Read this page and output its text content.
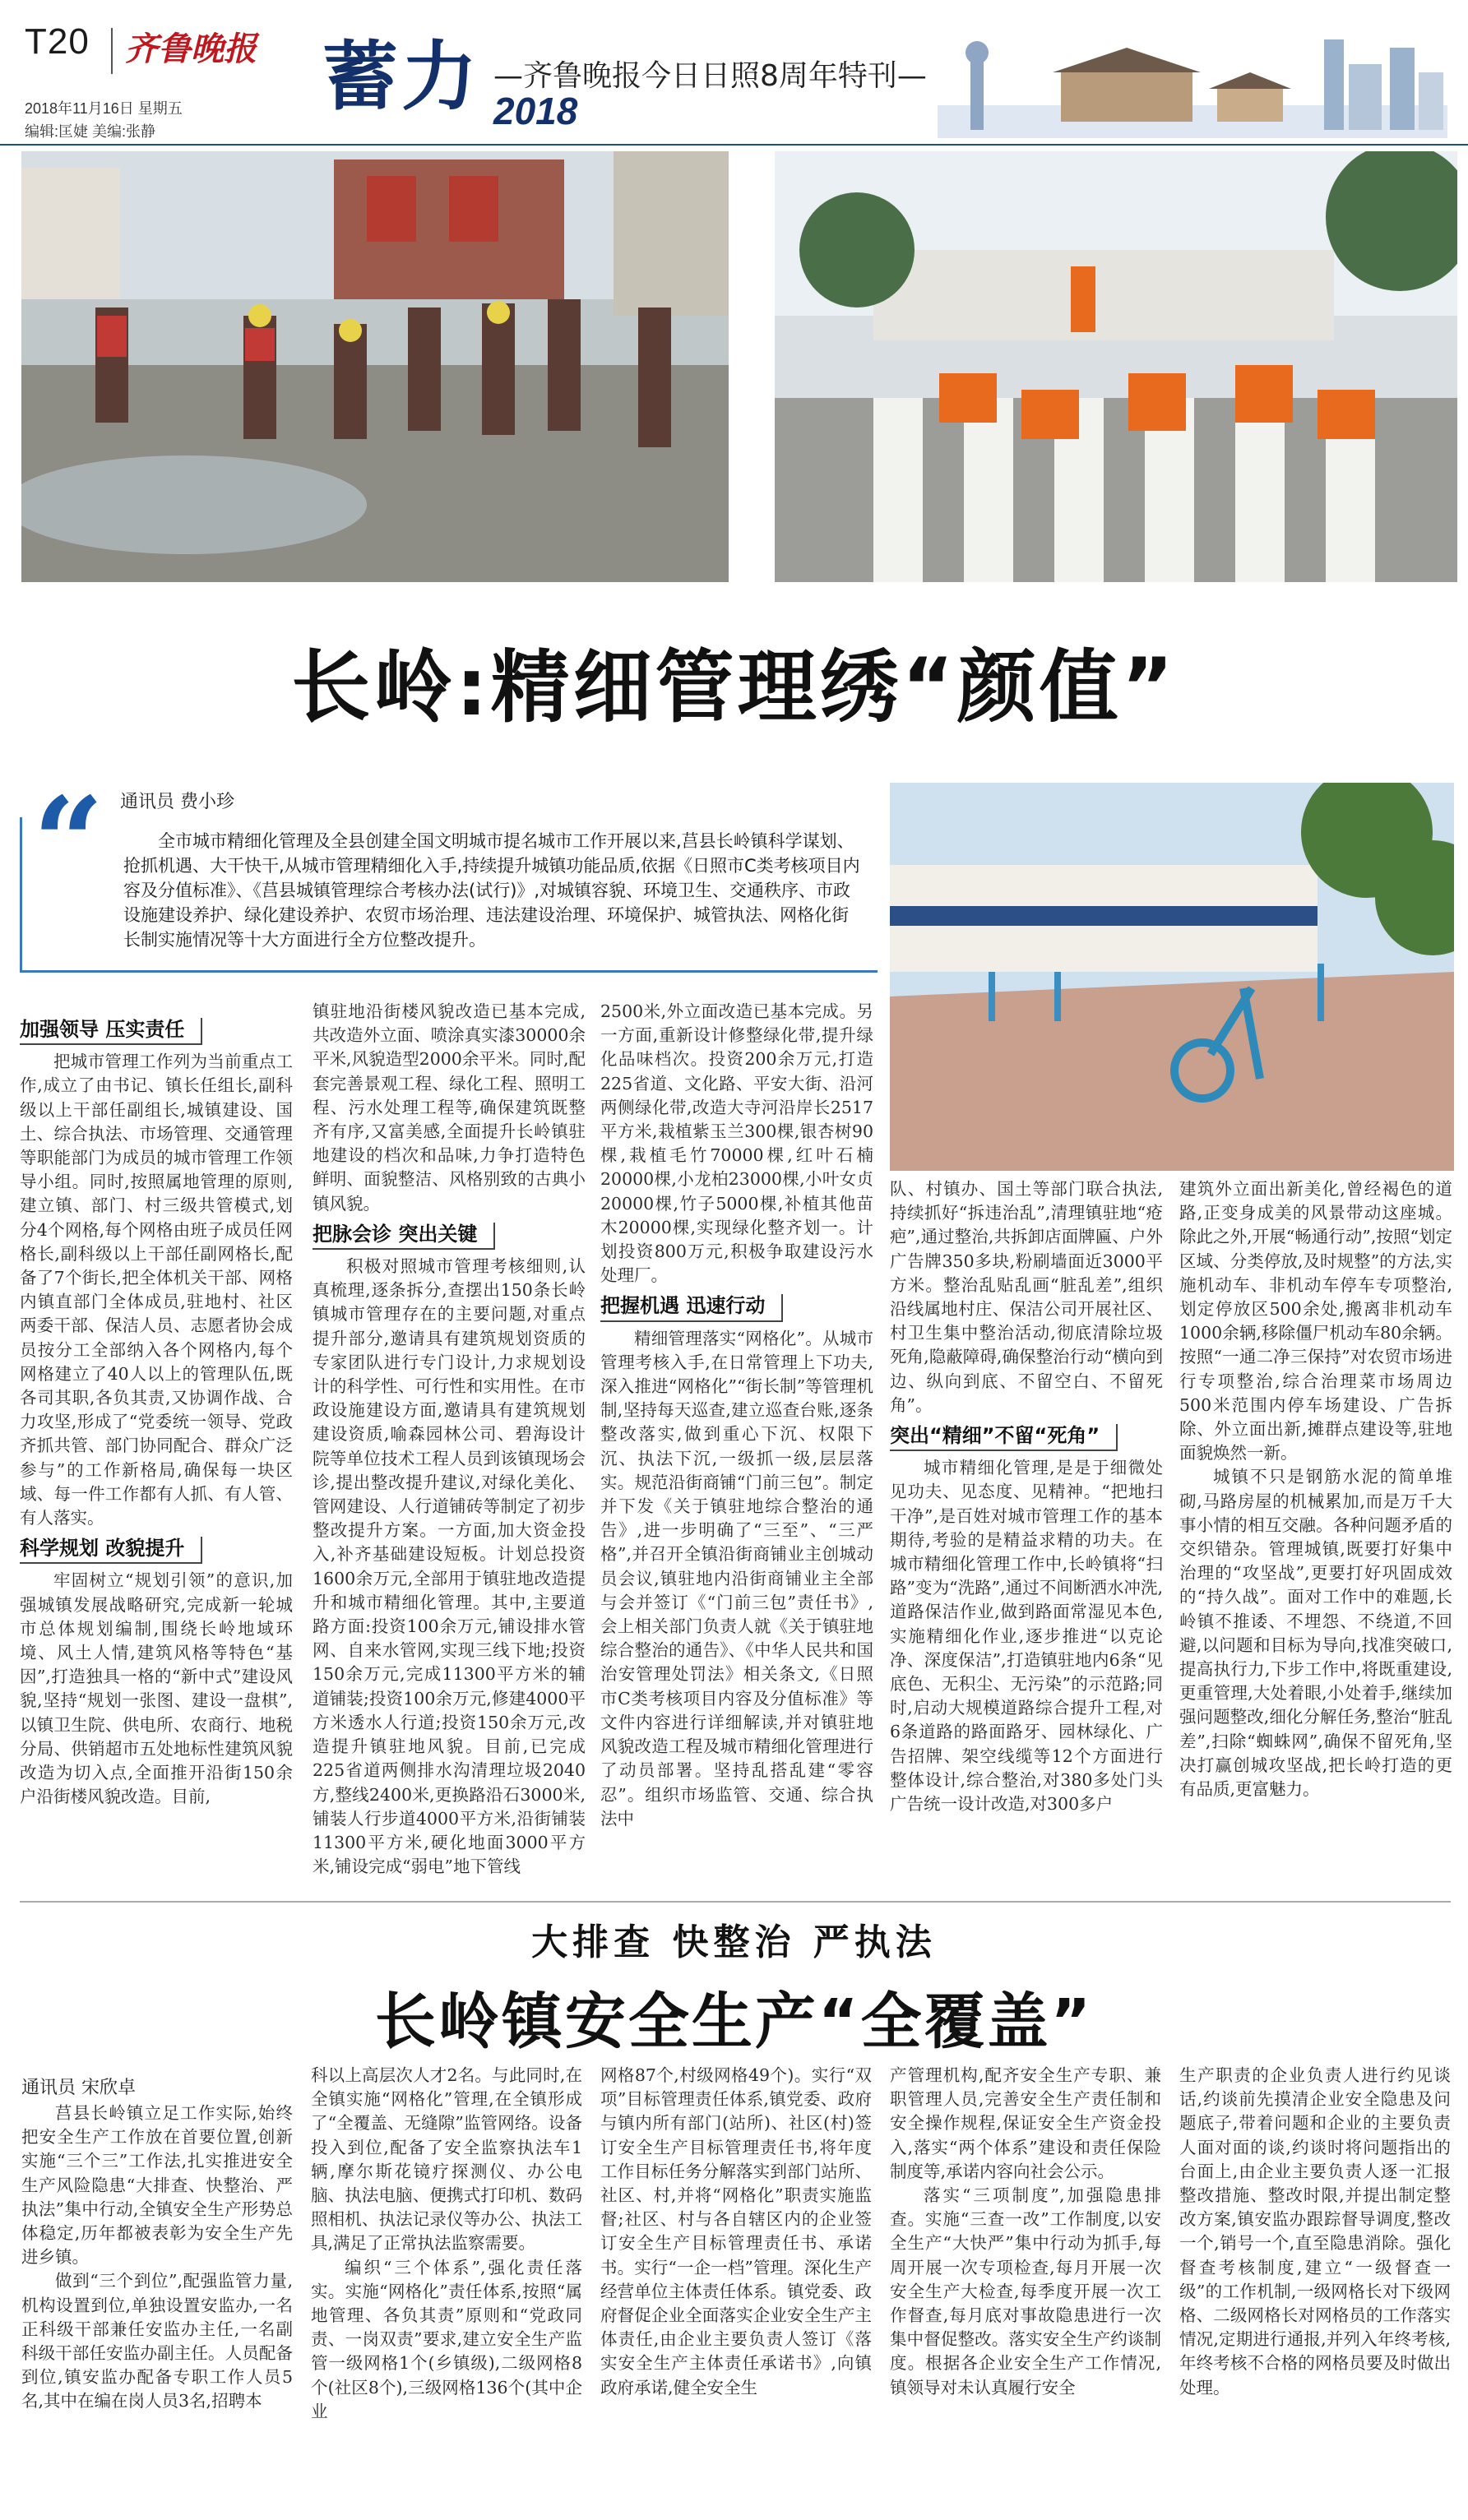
T20 齐鲁晚报
2018年11月16日 星期五
编辑:匡婕 美编:张静
蓄力 —齐鲁晚报今日日照8周年特刊—
2018
长岭:精细管理绣“颜值”
“ 通讯员 费小珍
全市城市精细化管理及全县创建全国文明城市提名城市工作开展以来,莒县长岭镇科学谋划、抢抓机遇、大干快干,从城市管理精细化入手,持续提升城镇功能品质,依据《日照市C类考核项目内容及分值标准》、《莒县城镇管理综合考核办法(试行)》,对城镇容貌、环境卫生、交通秩序、市政设施建设养护、绿化建设养护、农贸市场治理、违法建设治理、环境保护、城管执法、网格化街长制实施情况等十大方面进行全方位整改提升。
加强领导 压实责任

把城市管理工作列为当前重点工作,成立了由书记、镇长任组长,副科级以上干部任副组长,城镇建设、国土、综合执法、市场管理、交通管理等职能部门为成员的城市管理工作领导小组。同时,按照属地管理的原则,建立镇、部门、村三级共管模式,划分4个网格,每个网格由班子成员任网格长,副科级以上干部任副网格长,配备了7个街长,把全体机关干部、网格内镇直部门全体成员,驻地村、社区两委干部、保洁人员、志愿者协会成员按分工全部纳入各个网格内,每个网格建立了40人以上的管理队伍,既各司其职,各负其责,又协调作战、合力攻坚,形成了“党委统一领导、党政齐抓共管、部门协同配合、群众广泛参与”的工作新格局,确保每一块区域、每一件工作都有人抓、有人管、有人落实。

科学规划 改貌提升

牢固树立“规划引领”的意识,加强城镇发展战略研究,完成新一轮城市总体规划编制,围绕长岭地域环境、风土人情,建筑风格等特色“基因”,打造独具一格的“新中式”建设风貌,坚持“规划一张图、建设一盘棋”,以镇卫生院、供电所、农商行、地税分局、供销超市五处地标性建筑风貌改造为切入点,全面推开沿街150余户沿街楼风貌改造。目前,

镇驻地沿街楼风貌改造已基本完成,共改造外立面、喷涂真实漆30000余平米,风貌造型2000余平米。同时,配套完善景观工程、绿化工程、照明工程、污水处理工程等,确保建筑既整齐有序,又富美感,全面提升长岭镇驻地建设的档次和品味,力争打造特色鲜明、面貌整洁、风格别致的古典小镇风貌。

把脉会诊 突出关键

积极对照城市管理考核细则,认真梳理,逐条拆分,查摆出150条长岭镇城市管理存在的主要问题,对重点提升部分,邀请具有建筑规划资质的专家团队进行专门设计,力求规划设计的科学性、可行性和实用性。在市政设施建设方面,邀请具有建筑规划建设资质,喻森园林公司、碧海设计院等单位技术工程人员到该镇现场会诊,提出整改提升建议,对绿化美化、管网建设、人行道铺砖等制定了初步整改提升方案。一方面,加大资金投入,补齐基础建设短板。计划总投资1600余万元,全部用于镇驻地改造提升和城市精细化管理。其中,主要道路方面:投资100余万元,铺设排水管网、自来水管网,实现三线下地;投资150余万元,完成11300平方米的辅道铺装;投资100余万元,修建4000平方米透水人行道;投资150余万元,改造提升镇驻地风貌。目前,已完成225省道两侧排水沟清理垃圾2040方,整线2400米,更换路沿石3000米,铺装人行步道4000平方米,沿街铺装11300平方米,硬化地面3000平方米,铺设完成“弱电”地下管线

2500米,外立面改造已基本完成。另一方面,重新设计修整绿化带,提升绿化品味档次。投资200余万元,打造225省道、文化路、平安大街、沿河两侧绿化带,改造大寺河沿岸长2517平方米,栽植紫玉兰300棵,银杏树90棵,栽植毛竹70000棵,红叶石楠20000棵,小龙柏23000棵,小叶女贞20000棵,竹子5000棵,补植其他苗木20000棵,实现绿化整齐划一。计划投资800万元,积极争取建设污水处理厂。

把握机遇 迅速行动

精细管理落实“网格化”。从城市管理考核入手,在日常管理上下功夫,深入推进“网格化”“街长制”等管理机制,坚持每天巡查,建立巡查台账,逐条整改落实,做到重心下沉、权限下沉、执法下沉,一级抓一级,层层落实。规范沿街商铺“门前三包”。制定并下发《关于镇驻地综合整治的通告》,进一步明确了“三至”、“三严格”,并召开全镇沿街商铺业主创城动员会议,镇驻地内沿街商铺业主全部与会并签订《“门前三包”责任书》,会上相关部门负责人就《关于镇驻地综合整治的通告》、《中华人民共和国治安管理处罚法》相关条文,《日照市C类考核项目内容及分值标准》等文件内容进行详细解读,并对镇驻地风貌改造工程及城市精细化管理进行了动员部署。坚持乱搭乱建“零容忍”。组织市场监管、交通、综合执法中

队、村镇办、国土等部门联合执法,持续抓好“拆违治乱”,清理镇驻地“疮疤”,通过整治,共拆卸店面牌匾、户外广告牌350多块,粉刷墙面近3000平方米。整治乱贴乱画“脏乱差”,组织沿线属地村庄、保洁公司开展社区、村卫生集中整治活动,彻底清除垃圾死角,隐蔽障碍,确保整治行动“横向到边、纵向到底、不留空白、不留死角”。

突出“精细”不留“死角”

城市精细化管理,是是于细微处见功夫、见态度、见精神。“把地扫干净”,是百姓对城市管理工作的基本期待,考验的是精益求精的功夫。在城市精细化管理工作中,长岭镇将“扫路”变为“洗路”,通过不间断洒水冲洗,道路保洁作业,做到路面常湿见本色,实施精细化作业,逐步推进“以克论净、深度保洁”,打造镇驻地内6条“见底色、无积尘、无污染”的示范路;同时,启动大规模道路综合提升工程,对6条道路的路面路牙、园林绿化、广告招牌、架空线缆等12个方面进行整体设计,综合整治,对380多处门头广告统一设计改造,对300多户

建筑外立面出新美化,曾经褐色的道路,正变身成美的风景带动这座城。除此之外,开展“畅通行动”,按照“划定区域、分类停放,及时规整”的方法,实施机动车、非机动车停车专项整治,划定停放区500余处,搬离非机动车1000余辆,移除僵尸机动车80余辆。按照“一通二净三保持”对农贸市场进行专项整治,综合治理菜市场周边500米范围内停车场建设、广告拆除、外立面出新,摊群点建设等,驻地面貌焕然一新。

城镇不只是钢筋水泥的简单堆砌,马路房屋的机械累加,而是万千大事小情的相互交融。各种问题矛盾的交织错杂。管理城镇,既要打好集中治理的“攻坚战”,更要打好巩固成效的“持久战”。面对工作中的难题,长岭镇不推诿、不埋怨、不绕道,不回避,以问题和目标为导向,找准突破口,提高执行力,下步工作中,将既重建设,更重管理,大处着眼,小处着手,继续加强问题整改,细化分解任务,整治“脏乱差”,扫除“蜘蛛网”,确保不留死角,坚决打赢创城攻坚战,把长岭打造的更有品质,更富魅力。

大排查 快整治 严执法
长岭镇安全生产“全覆盖”
通讯员 宋欣卓

莒县长岭镇立足工作实际,始终把安全生产工作放在首要位置,创新实施“三个三”工作法,扎实推进安全生产风险隐患“大排查、快整治、严执法”集中行动,全镇安全生产形势总体稳定,历年都被表彰为安全生产先进乡镇。

做到“三个到位”,配强监管力量,机构设置到位,单独设置安监办,一名正科级干部兼任安监办主任,一名副科级干部任安监办副主任。人员配备到位,镇安监办配备专职工作人员5名,其中在编在岗人员3名,招聘本

科以上高层次人才2名。与此同时,在全镇实施“网格化”管理,在全镇形成了“全覆盖、无缝隙”监管网络。设备投入到位,配备了安全监察执法车1辆,摩尔斯花镜疗探测仪、办公电脑、执法电脑、便携式打印机、数码照相机、执法记录仪等办公、执法工具,满足了正常执法监察需要。

编织“三个体系”,强化责任落实。实施“网格化”责任体系,按照“属地管理、各负其责”原则和“党政同责、一岗双责”要求,建立安全生产监管一级网格1个(乡镇级),二级网格8个(社区8个),三级网格136个(其中企业

网格87个,村级网格49个)。实行“双项”目标管理责任体系,镇党委、政府与镇内所有部门(站所)、社区(村)签订安全生产目标管理责任书,将年度工作目标任务分解落实到部门站所、社区、村,并将“网格化”职责实施监督;社区、村与各自辖区内的企业签订安全生产目标管理责任书、承诺书。实行“一企一档”管理。深化生产经营单位主体责任体系。镇党委、政府督促企业全面落实企业安全生产主体责任,由企业主要负责人签订《落实安全生产主体责任承诺书》,向镇政府承诺,健全安全生

产管理机构,配齐安全生产专职、兼职管理人员,完善安全生产责任制和安全操作规程,保证安全生产资金投入,落实“两个体系”建设和责任保险制度等,承诺内容向社会公示。

落实“三项制度”,加强隐患排查。实施“三查一改”工作制度,以安全生产“大快严”集中行动为抓手,每周开展一次专项检查,每月开展一次安全生产大检查,每季度开展一次工作督查,每月底对事故隐患进行一次集中督促整改。落实安全生产约谈制度。根据各企业安全生产工作情况,镇领导对未认真履行安全

生产职责的企业负责人进行约见谈话,约谈前先摸清企业安全隐患及问题底子,带着问题和企业的主要负责人面对面的谈,约谈时将问题指出的台面上,由企业主要负责人逐一汇报整改措施、整改时限,并提出制定整改方案,镇安监办跟踪督导调度,整改一个,销号一个,直至隐患消除。强化督查考核制度,建立“一级督查一级”的工作机制,一级网格长对下级网格、二级网格长对网格员的工作落实情况,定期进行通报,并列入年终考核,年终考核不合格的网格员要及时做出处理。
